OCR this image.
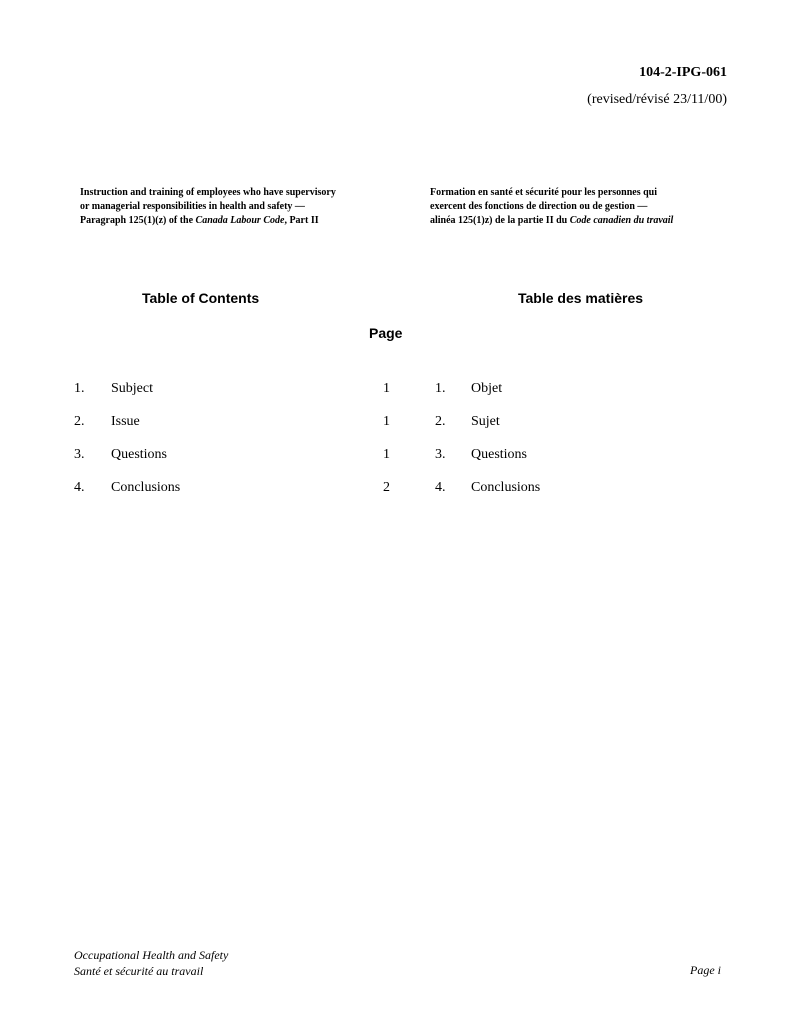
104-2-IPG-061
(revised/révisé 23/11/00)
Instruction and training of employees who have supervisory
or managerial responsibilities in health and safety —
Paragraph 125(1)(z) of the Canada Labour Code, Part II
Formation en santé et sécurité pour les personnes qui
exercent des fonctions de direction ou de gestion —
alinéa 125(1)z) de la partie II du Code canadien du travail
Table of Contents	Table des matières
Page
1. Subject	1	1. Objet
2. Issue	1	2. Sujet
3. Questions	1	3. Questions
4. Conclusions	2	4. Conclusions
Occupational Health and Safety
Santé et sécurité au travail	Page i
